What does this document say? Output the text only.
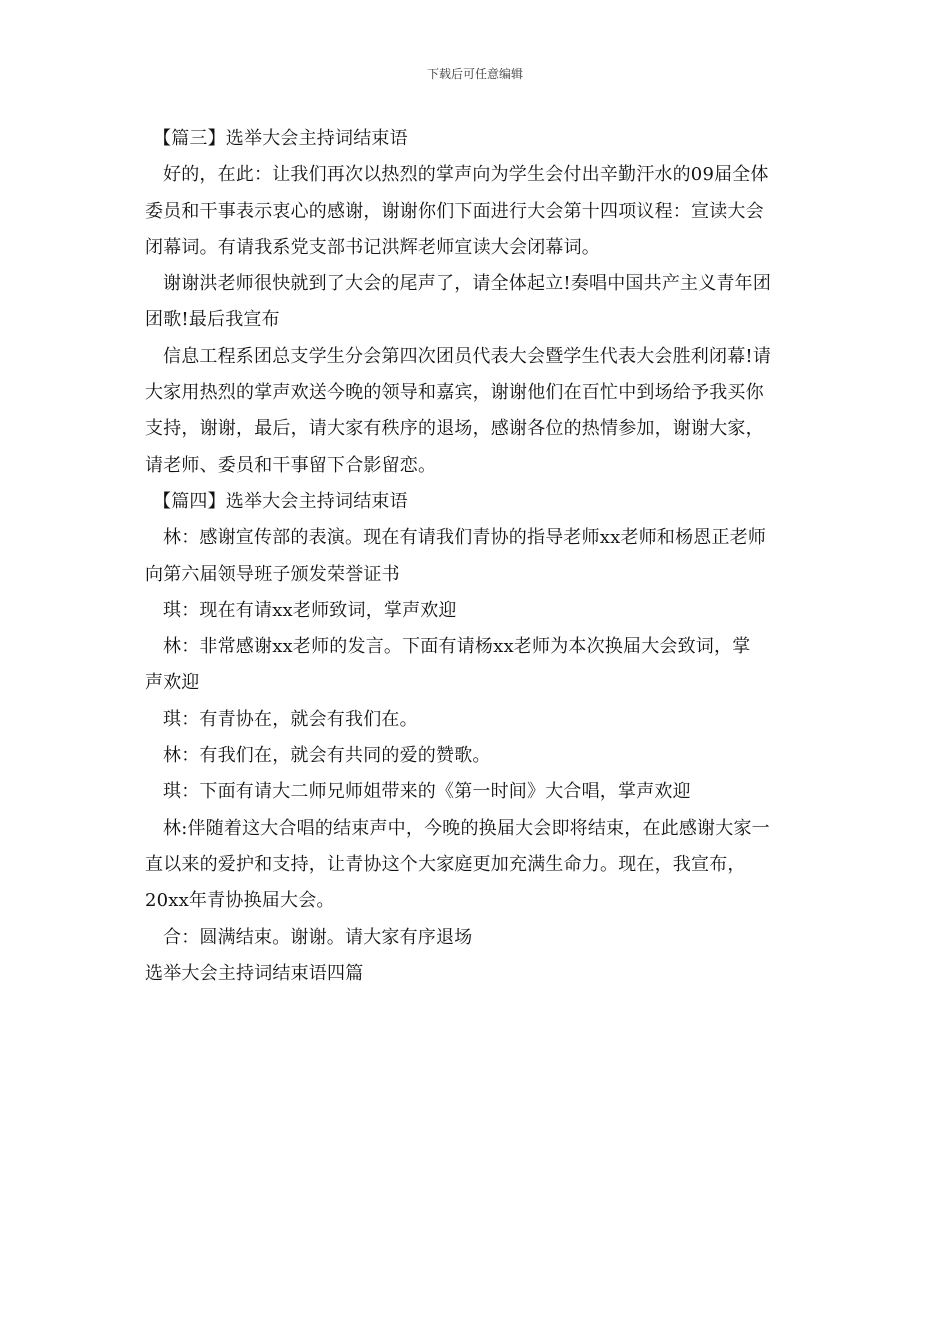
下载后可任意编辑
【篇三】选举大会主持词结束语
好的，在此：让我们再次以热烈的掌声向为学生会付出辛勤汗水的09届全体
委员和干事表示衷心的感谢，谢谢你们下面进行大会第十四项议程：宣读大会
闭幕词。有请我系党支部书记洪辉老师宣读大会闭幕词。
谢谢洪老师很快就到了大会的尾声了，请全体起立!奏唱中国共产主义青年团
团歌!最后我宣布
信息工程系团总支学生分会第四次团员代表大会暨学生代表大会胜利闭幕!请
大家用热烈的掌声欢送今晚的领导和嘉宾，谢谢他们在百忙中到场给予我买你
支持，谢谢，最后，请大家有秩序的退场，感谢各位的热情参加，谢谢大家，
请老师、委员和干事留下合影留恋。
【篇四】选举大会主持词结束语
林：感谢宣传部的表演。现在有请我们青协的指导老师xx老师和杨恩正老师
向第六届领导班子颁发荣誉证书
琪：现在有请xx老师致词，掌声欢迎
林：非常感谢xx老师的发言。下面有请杨xx老师为本次换届大会致词，掌
声欢迎
琪：有青协在，就会有我们在。
林：有我们在，就会有共同的爱的赞歌。
琪：下面有请大二师兄师姐带来的《第一时间》大合唱，掌声欢迎
林:伴随着这大合唱的结束声中，今晚的换届大会即将结束，在此感谢大家一
直以来的爱护和支持，让青协这个大家庭更加充满生命力。现在，我宣布，
20xx年青协换届大会。
合：圆满结束。谢谢。请大家有序退场
选举大会主持词结束语四篇
